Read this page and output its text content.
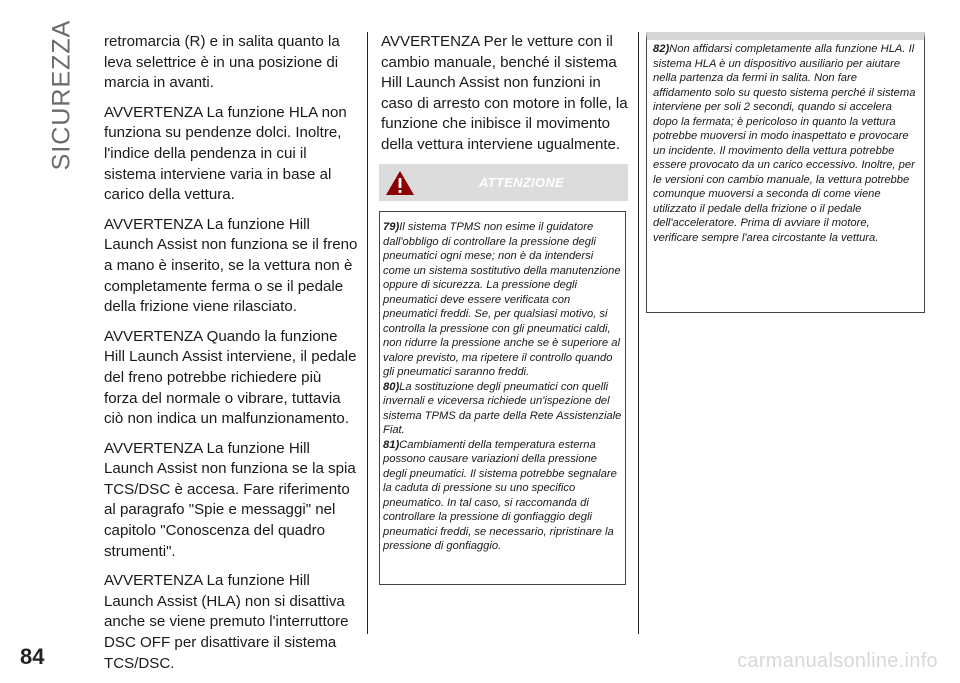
SICUREZZA retromarcia (R) e in salita quanto la leva selettrice è in una posizione di marcia in avanti.

AVVERTENZA La funzione HLA non funziona su pendenze dolci. Inoltre, l'indice della pendenza in cui il sistema interviene varia in base al carico della vettura.

AVVERTENZA La funzione Hill Launch Assist non funziona se il freno a mano è inserito, se la vettura non è completamente ferma o se il pedale della frizione viene rilasciato.

AVVERTENZA Quando la funzione Hill Launch Assist interviene, il pedale del freno potrebbe richiedere più forza del normale o vibrare, tuttavia ciò non indica un malfunzionamento.

AVVERTENZA La funzione Hill Launch Assist non funziona se la spia TCS/DSC è accesa. Fare riferimento al paragrafo "Spie e messaggi" nel capitolo "Conoscenza del quadro strumenti".

AVVERTENZA La funzione Hill Launch Assist (HLA) non si disattiva anche se viene premuto l'interruttore DSC OFF per disattivare il sistema TCS/DSC.

AVVERTENZA Per le vetture con il cambio manuale, benché il sistema Hill Launch Assist non funzioni in caso di arresto con motore in folle, la funzione che inibisce il movimento della vettura interviene ugualmente.

ATTENZIONE

79)Il sistema TPMS non esime il guidatore dall'obbligo di controllare la pressione degli pneumatici ogni mese; non è da intendersi come un sistema sostitutivo della manutenzione oppure di sicurezza. La pressione degli pneumatici deve essere verificata con pneumatici freddi. Se, per qualsiasi motivo, si controlla la pressione con gli pneumatici caldi, non ridurre la pressione anche se è superiore al valore previsto, ma ripetere il controllo quando gli pneumatici saranno freddi.

80)La sostituzione degli pneumatici con quelli invernali e viceversa richiede un'ispezione del sistema TPMS da parte della Rete Assistenziale Fiat.

81)Cambiamenti della temperatura esterna possono causare variazioni della pressione degli pneumatici. Il sistema potrebbe segnalare la caduta di pressione su uno specifico pneumatico. In tal caso, si raccomanda di controllare la pressione di gonfiaggio degli pneumatici freddi, se necessario, ripristinare la pressione di gonfiaggio.

82)Non affidarsi completamente alla funzione HLA. Il sistema HLA è un dispositivo ausiliario per aiutare nella partenza da fermi in salita. Non fare affidamento solo su questo sistema perché il sistema interviene per soli 2 secondi, quando si accelera dopo la fermata; è pericoloso in quanto la vettura potrebbe muoversi in modo inaspettato e provocare un incidente. Il movimento della vettura potrebbe essere provocato da un carico eccessivo. Inoltre, per le versioni con cambio manuale, la vettura potrebbe comunque muoversi a seconda di come viene utilizzato il pedale della frizione o il pedale dell'acceleratore. Prima di avviare il motore, verificare sempre l'area circostante la vettura.

84	carmanualsonline.info
